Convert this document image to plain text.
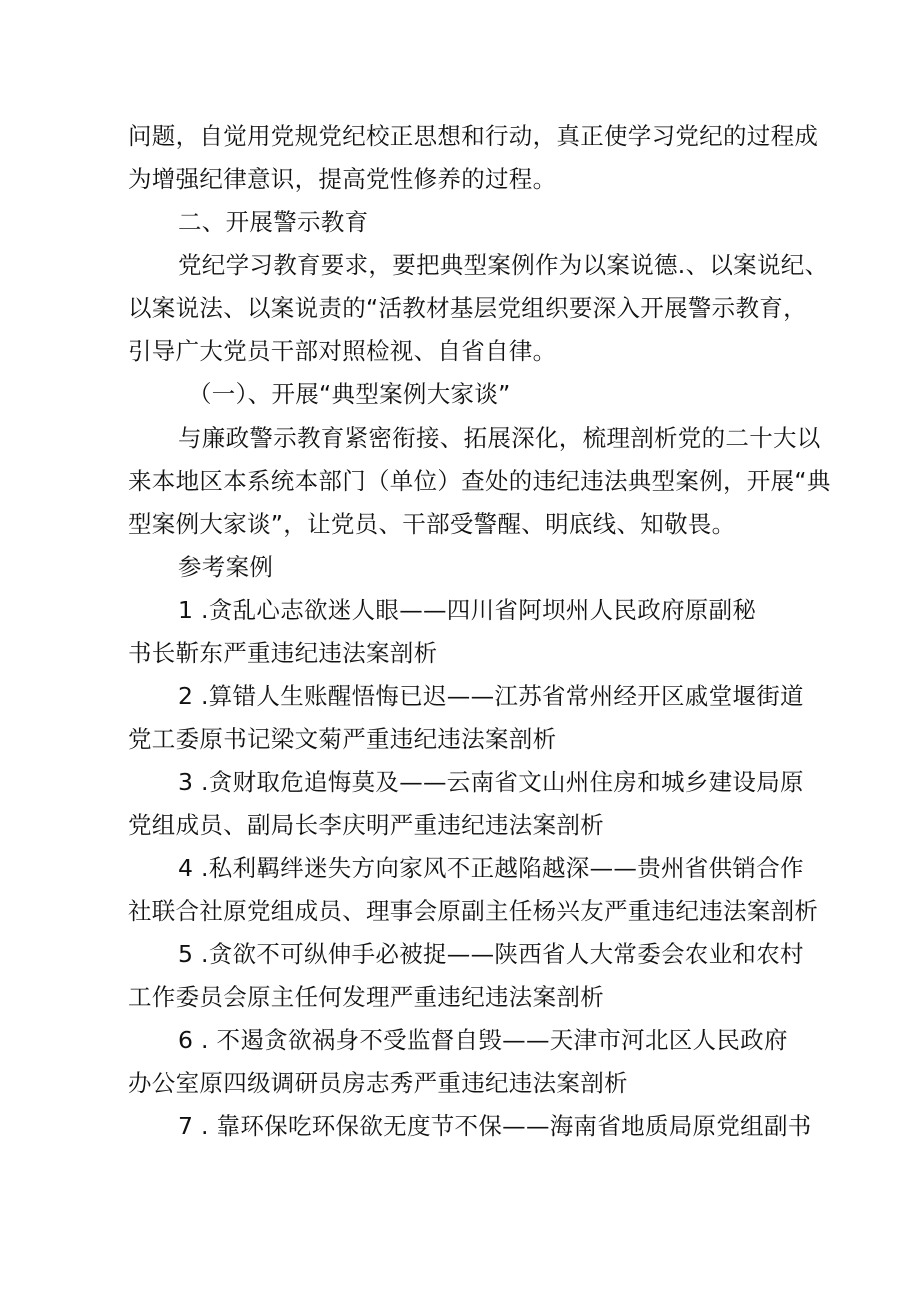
问题，自觉用党规党纪校正思想和行动，真正使学习党纪的过程成
为增强纪律意识，提高党性修养的过程。
二、开展警示教育
党纪学习教育要求，要把典型案例作为以案说德.、以案说纪、
以案说法、以案说责的“活教材基层党组织要深入开展警示教育，
引导广大党员干部对照检视、自省自律。
（一）、开展“典型案例大家谈”
与廉政警示教育紧密衔接、拓展深化，梳理剖析党的二十大以
来本地区本系统本部门（单位）查处的违纪违法典型案例，开展“典
型案例大家谈”，让党员、干部受警醒、明底线、知敬畏。
参考案例
1 .贪乱心志欲迷人眼——四川省阿坝州人民政府原副秘
书长靳东严重违纪违法案剖析
2 .算错人生账醒悟悔已迟——江苏省常州经开区戚堂堰街道
党工委原书记梁文菊严重违纪违法案剖析
3 .贪财取危追悔莫及——云南省文山州住房和城乡建设局原
党组成员、副局长李庆明严重违纪违法案剖析
4 .私利羁绊迷失方向家风不正越陷越深——贵州省供销合作
社联合社原党组成员、理事会原副主任杨兴友严重违纪违法案剖析
5 .贪欲不可纵伸手必被捉——陕西省人大常委会农业和农村
工作委员会原主任何发理严重违纪违法案剖析
6 . 不遏贪欲祸身不受监督自毁——天津市河北区人民政府
办公室原四级调研员房志秀严重违纪违法案剖析
7 . 靠环保吃环保欲无度节不保——海南省地质局原党组副书
